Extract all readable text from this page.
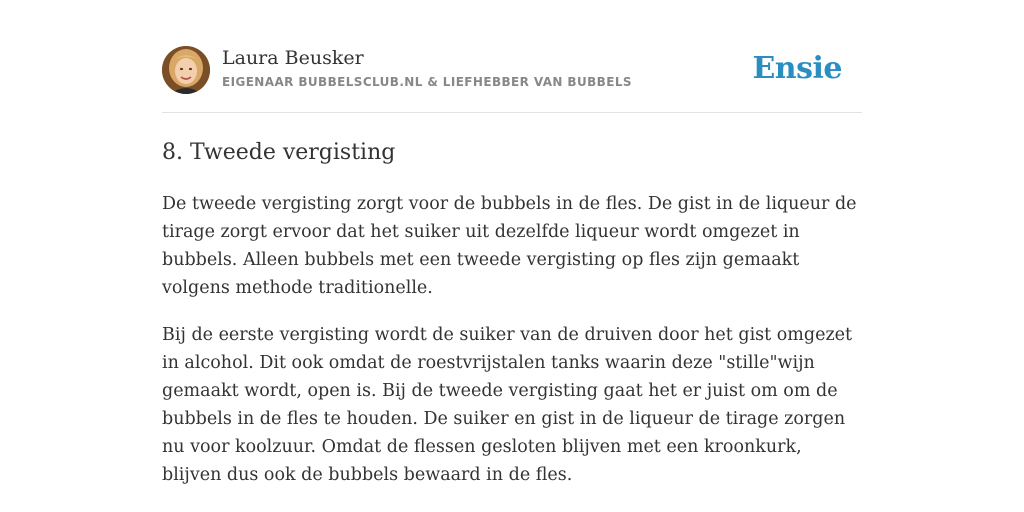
Laura Beusker
EIGENAAR BUBBELSCLUB.NL & LIEFHEBBER VAN BUBBELS	Ensie
8. Tweede vergisting

De tweede vergisting zorgt voor de bubbels in de fles. De gist in de liqueur de tirage zorgt ervoor dat het suiker uit dezelfde liqueur wordt omgezet in bubbels. Alleen bubbels met een tweede vergisting op fles zijn gemaakt volgens methode traditionelle.

Bij de eerste vergisting wordt de suiker van de druiven door het gist omgezet in alcohol. Dit ook omdat de roestvrijstalen tanks waarin deze "stille"wijn gemaakt wordt, open is. Bij de tweede vergisting gaat het er juist om om de bubbels in de fles te houden. De suiker en gist in de liqueur de tirage zorgen nu voor koolzuur. Omdat de flessen gesloten blijven met een kroonkurk, blijven dus ook de bubbels bewaard in de fles.
